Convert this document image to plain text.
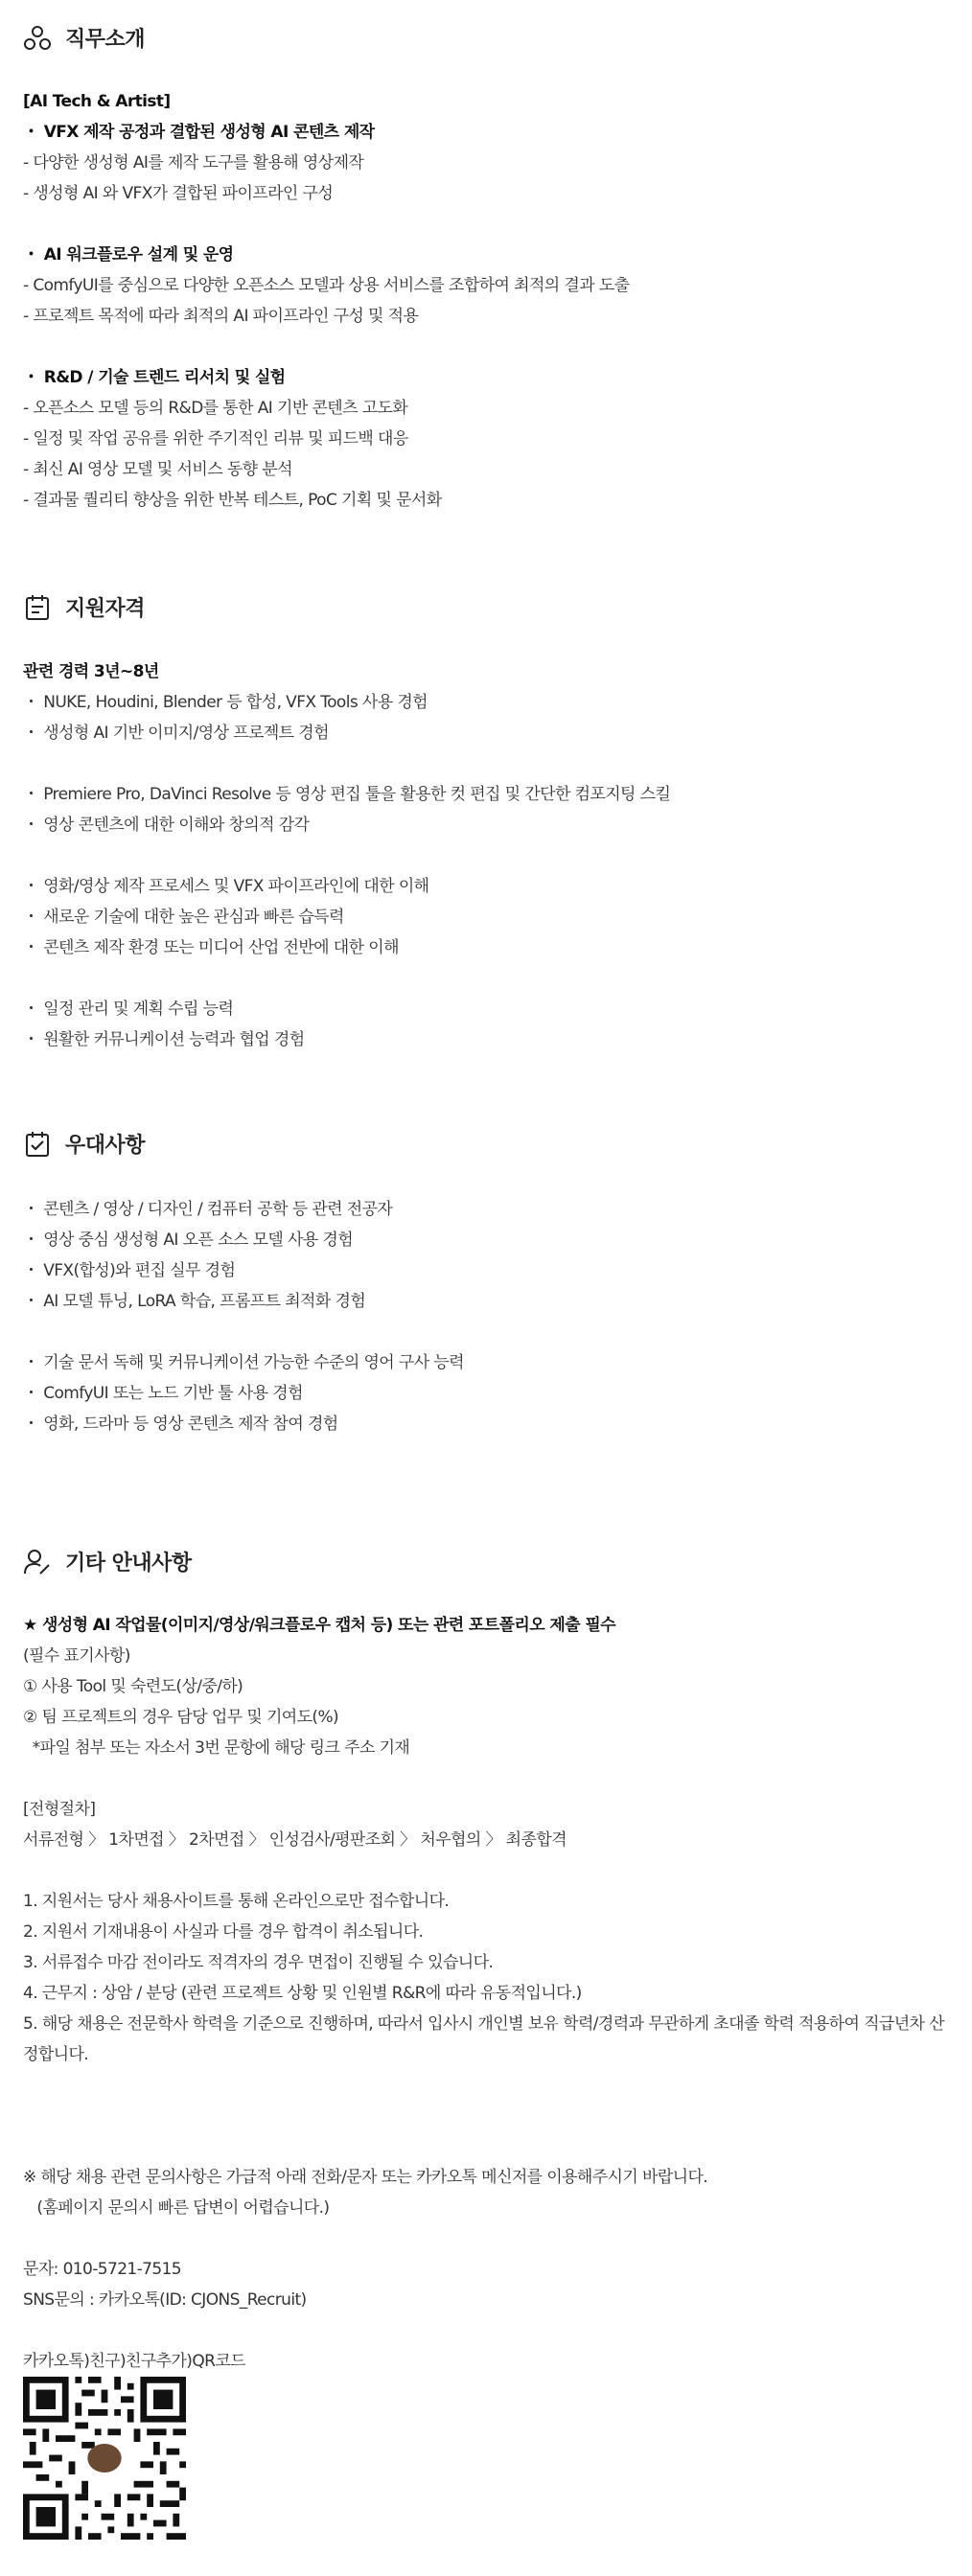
직무소개
[AI Tech & Artist]
・ VFX 제작 공정과 결합된 생성형 AI 콘텐츠 제작
- 다양한 생성형 AI를 제작 도구를 활용해 영상제작
- 생성형 AI 와 VFX가 결합된 파이프라인 구성
・ AI 워크플로우 설계 및 운영
- ComfyUI를 중심으로 다양한 오픈소스 모델과 상용 서비스를 조합하여 최적의 결과 도출
- 프로젝트 목적에 따라 최적의 AI 파이프라인 구성 및 적용
・ R&D / 기술 트렌드 리서치 및 실험
- 오픈소스 모델 등의 R&D를 통한 AI 기반 콘텐츠 고도화
- 일정 및 작업 공유를 위한 주기적인 리뷰 및 피드백 대응
- 최신 AI 영상 모델 및 서비스 동향 분석
- 결과물 퀄리티 향상을 위한 반복 테스트, PoC 기획 및 문서화
지원자격
관련 경력 3년~8년
・ NUKE, Houdini, Blender 등 합성, VFX Tools 사용 경험
・ 생성형 AI 기반 이미지/영상 프로젝트 경험
・ Premiere Pro, DaVinci Resolve 등 영상 편집 툴을 활용한 컷 편집 및 간단한 컴포지팅 스킬
・ 영상 콘텐츠에 대한 이해와 창의적 감각
・ 영화/영상 제작 프로세스 및 VFX 파이프라인에 대한 이해
・ 새로운 기술에 대한 높은 관심과 빠른 습득력
・ 콘텐츠 제작 환경 또는 미디어 산업 전반에 대한 이해
・ 일정 관리 및 계획 수립 능력
・ 원활한 커뮤니케이션 능력과 협업 경험
우대사항
・ 콘텐츠 / 영상 / 디자인 / 컴퓨터 공학 등 관련 전공자
・ 영상 중심 생성형 AI 오픈 소스 모델 사용 경험
・ VFX(합성)와 편집 실무 경험
・ AI 모델 튜닝, LoRA 학습, 프롬프트 최적화 경험
・ 기술 문서 독해 및 커뮤니케이션 가능한 수준의 영어 구사 능력
・ ComfyUI 또는 노드 기반 툴 사용 경험
・ 영화, 드라마 등 영상 콘텐츠 제작 참여 경험
기타 안내사항
★ 생성형 AI 작업물(이미지/영상/워크플로우 캡처 등) 또는 관련 포트폴리오 제출 필수
(필수 표기사항)
① 사용 Tool 및 숙련도(상/중/하)
② 팀 프로젝트의 경우 담당 업무 및 기여도(%)
*파일 첨부 또는 자소서 3번 문항에 해당 링크 주소 기재
[전형절차]
서류전형 〉 1차면접 〉 2차면접 〉 인성검사/평판조회 〉 처우협의 〉 최종합격
1. 지원서는 당사 채용사이트를 통해 온라인으로만 접수합니다.
2. 지원서 기재내용이 사실과 다를 경우 합격이 취소됩니다.
3. 서류접수 마감 전이라도 적격자의 경우 면접이 진행될 수 있습니다.
4. 근무지 : 상암 / 분당 (관련 프로젝트 상황 및 인원별 R&R에 따라 유동적입니다.)
5. 해당 채용은 전문학사 학력을 기준으로 진행하며, 따라서 입사시 개인별 보유 학력/경력과 무관하게 초대졸 학력 적용하여 직급년차 산정합니다.
※ 해당 채용 관련 문의사항은 가급적 아래 전화/문자 또는 카카오톡 메신저를 이용해주시기 바랍니다.
(홈페이지 문의시 빠른 답변이 어렵습니다.)
문자: 010-5721-7515
SNS문의 : 카카오톡(ID: CJONS_Recruit)
카카오톡)친구)친구추가)QR코드
